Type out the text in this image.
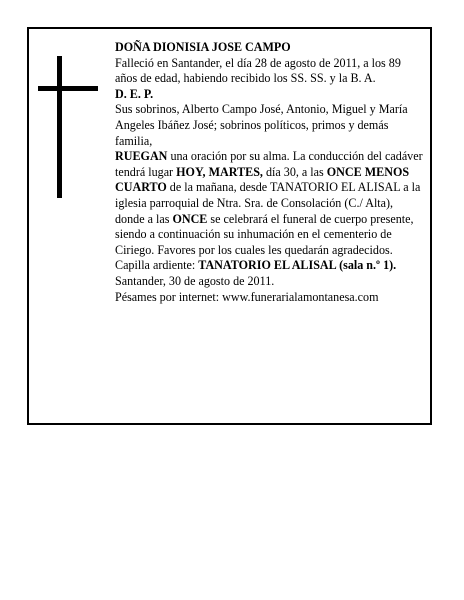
DOÑA DIONISIA JOSE CAMPO

Falleció en Santander, el día 28 de agosto de 2011, a los 89 años de edad, habiendo recibido los SS. SS. y la B. A.

D. E. P.

Sus sobrinos, Alberto Campo José, Antonio, Miguel y María Angeles Ibáñez José; sobrinos políticos, primos y demás familia,

RUEGAN una oración por su alma. La conducción del cadáver tendrá lugar HOY, MARTES, día 30, a las ONCE MENOS CUARTO de la mañana, desde TANATORIO EL ALISAL a la iglesia parroquial de Ntra. Sra. de Consolación (C./ Alta), donde a las ONCE se celebrará el funeral de cuerpo presente, siendo a continuación su inhumación en el cementerio de Ciriego. Favores por los cuales les quedarán agradecidos. Capilla ardiente: TANATORIO EL ALISAL (sala n.º 1).

Santander, 30 de agosto de 2011.

Pésames por internet: www.funerarialamontanesa.com
